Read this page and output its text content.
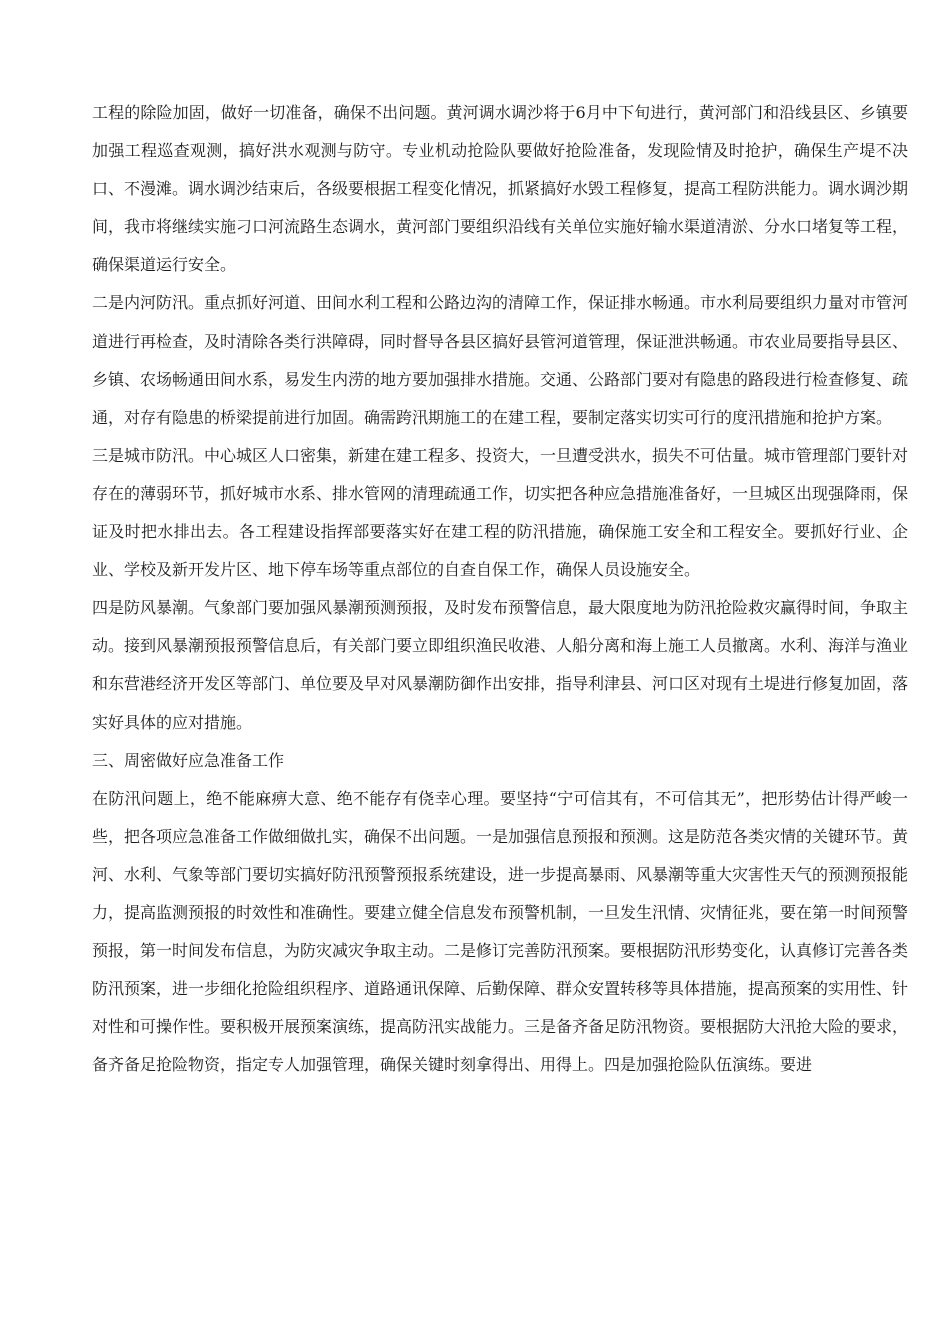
工程的除险加固，做好一切准备，确保不出问题。黄河调水调沙将于6月中下旬进行，黄河部门和沿线县区、乡镇要加强工程巡查观测，搞好洪水观测与防守。专业机动抢险队要做好抢险准备，发现险情及时抢护，确保生产堤不决口、不漫滩。调水调沙结束后，各级要根据工程变化情况，抓紧搞好水毁工程修复，提高工程防洪能力。调水调沙期间，我市将继续实施刁口河流路生态调水，黄河部门要组织沿线有关单位实施好输水渠道清淤、分水口堵复等工程，确保渠道运行安全。

二是内河防汛。重点抓好河道、田间水利工程和公路边沟的清障工作，保证排水畅通。市水利局要组织力量对市管河道进行再检查，及时清除各类行洪障碍，同时督导各县区搞好县管河道管理，保证泄洪畅通。市农业局要指导县区、乡镇、农场畅通田间水系，易发生内涝的地方要加强排水措施。交通、公路部门要对有隐患的路段进行检查修复、疏通，对存有隐患的桥梁提前进行加固。确需跨汛期施工的在建工程，要制定落实切实可行的度汛措施和抢护方案。

三是城市防汛。中心城区人口密集，新建在建工程多、投资大，一旦遭受洪水，损失不可估量。城市管理部门要针对存在的薄弱环节，抓好城市水系、排水管网的清理疏通工作，切实把各种应急措施准备好，一旦城区出现强降雨，保证及时把水排出去。各工程建设指挥部要落实好在建工程的防汛措施，确保施工安全和工程安全。要抓好行业、企业、学校及新开发片区、地下停车场等重点部位的自查自保工作，确保人员设施安全。

四是防风暴潮。气象部门要加强风暴潮预测预报，及时发布预警信息，最大限度地为防汛抢险救灾赢得时间，争取主动。接到风暴潮预报预警信息后，有关部门要立即组织渔民收港、人船分离和海上施工人员撤离。水利、海洋与渔业和东营港经济开发区等部门、单位要及早对风暴潮防御作出安排，指导利津县、河口区对现有土堤进行修复加固，落实好具体的应对措施。

三、周密做好应急准备工作

在防汛问题上，绝不能麻痹大意、绝不能存有侥幸心理。要坚持“宁可信其有，不可信其无”，把形势估计得严峻一些，把各项应急准备工作做细做扎实，确保不出问题。一是加强信息预报和预测。这是防范各类灾情的关键环节。黄河、水利、气象等部门要切实搞好防汛预警预报系统建设，进一步提高暴雨、风暴潮等重大灾害性天气的预测预报能力，提高监测预报的时效性和准确性。要建立健全信息发布预警机制，一旦发生汛情、灾情征兆，要在第一时间预警预报，第一时间发布信息，为防灾减灾争取主动。二是修订完善防汛预案。要根据防汛形势变化，认真修订完善各类防汛预案，进一步细化抢险组织程序、道路通讯保障、后勤保障、群众安置转移等具体措施，提高预案的实用性、针对性和可操作性。要积极开展预案演练，提高防汛实战能力。三是备齐备足防汛物资。要根据防大汛抢大险的要求，备齐备足抢险物资，指定专人加强管理，确保关键时刻拿得出、用得上。四是加强抢险队伍演练。要进
